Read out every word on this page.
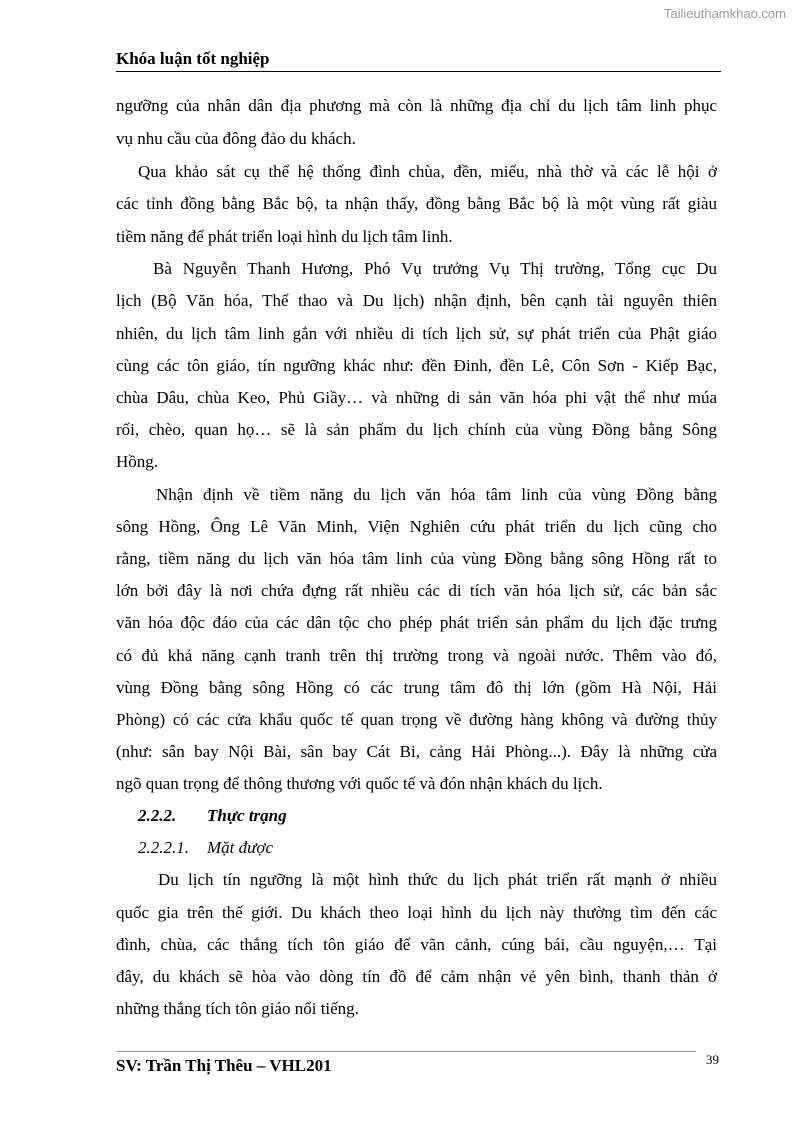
Tailieuthamkhao.com
Khóa luận tốt nghiệp
ngưỡng của nhân dân địa phương mà còn là những địa chỉ du lịch tâm linh phục
vụ nhu cầu của đông đảo du khách.
Qua khảo sát cụ thể hệ thống đình chùa, đền, miếu, nhà thờ và các lễ hội ở
các tỉnh đồng bằng Bắc bộ, ta nhận thấy, đồng bằng Bắc bộ là một vùng rất giàu
tiềm năng để phát triển loại hình du lịch tâm linh.
Bà Nguyễn Thanh Hương, Phó Vụ trưởng Vụ Thị trường, Tổng cục Du
lịch (Bộ Văn hóa, Thể thao và Du lịch) nhận định, bên cạnh tài nguyên thiên
nhiên, du lịch tâm linh gắn với nhiều di tích lịch sử, sự phát triển của Phật giáo
cùng các tôn giáo, tín ngưỡng khác như: đền Đinh, đền Lê, Côn Sơn - Kiếp Bạc,
chùa Dâu, chùa Keo, Phủ Giầy… và những di sản văn hóa phi vật thể như múa
rối, chèo, quan họ… sẽ là sản phẩm du lịch chính của vùng Đồng bằng Sông
Hồng.
Nhận định về tiềm năng du lịch văn hóa tâm linh của vùng Đồng bằng
sông Hồng, Ông Lê Văn Minh, Viện Nghiên cứu phát triển du lịch cũng cho
rằng, tiềm năng du lịch văn hóa tâm linh của vùng Đồng bằng sông Hồng rất to
lớn bởi đây là nơi chứa đựng rất nhiều các di tích văn hóa lịch sử, các bản sắc
văn hóa độc đáo của các dân tộc cho phép phát triển sản phẩm du lịch đặc trưng
có đủ khả năng cạnh tranh trên thị trường trong và ngoài nước. Thêm vào đó,
vùng Đồng bằng sông Hồng có các trung tâm đô thị lớn (gồm Hà Nội, Hải
Phòng) có các cửa khẩu quốc tế quan trọng về đường hàng không và đường thủy
(như: sân bay Nội Bài, sân bay Cát Bi, cảng Hải Phòng...). Đây là những cửa
ngõ quan trọng để thông thương với quốc tế và đón nhận khách du lịch.
2.2.2. Thực trạng
2.2.2.1. Mặt được
Du lịch tín ngưỡng là một hình thức du lịch phát triển rất mạnh ở nhiều
quốc gia trên thế giới. Du khách theo loại hình du lịch này thường tìm đến các
đình, chùa, các thắng tích tôn giáo để vãn cảnh, cúng bái, cầu nguyện,… Tại
đây, du khách sẽ hòa vào dòng tín đồ để cảm nhận vẻ yên bình, thanh thản ở
những thắng tích tôn giáo nổi tiếng.
39
SV: Trần Thị Thêu – VHL201
